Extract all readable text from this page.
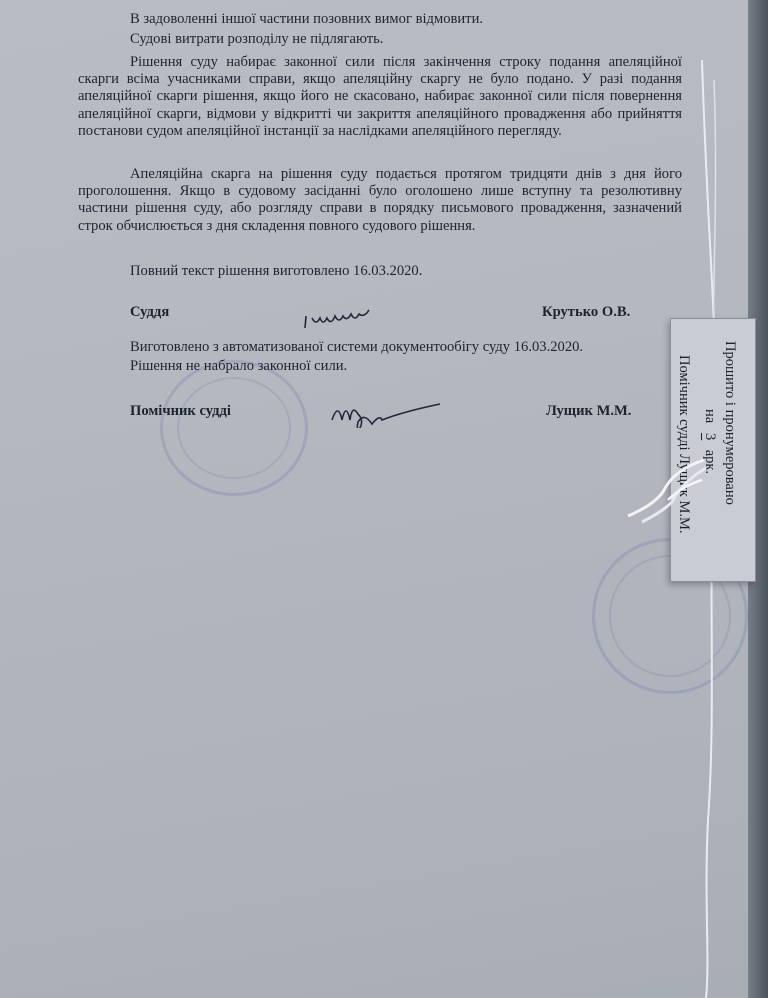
В задоволенні іншої частини позовних вимог відмовити.

Судові витрати розподілу не підлягають.

Рішення суду набирає законної сили після закінчення строку подання апеляційної скарги всіма учасниками справи, якщо апеляційну скаргу не було подано. У разі подання апеляційної скарги рішення, якщо його не скасовано, набирає законної сили після повернення апеляційної скарги, відмови у відкритті чи закриття апеляційного провадження або прийняття постанови судом апеляційної інстанції за наслідками апеляційного перегляду.

Апеляційна скарга на рішення суду подається протягом тридцяти днів з дня його проголошення. Якщо в судовому засіданні було оголошено лише вступну та резолютивну частини рішення суду, або розгляду справи в порядку письмового провадження, зазначений строк обчислюється з дня складення повного судового рішення.

Повний текст рішення виготовлено 16.03.2020.

Суддя	Крутько О.В.

Виготовлено з автоматизованої системи документообігу суду 16.03.2020.

Рішення не набрало законної сили.

Помічник судді	Лущик М.М.	Прошито і пронумеровано
на 3 арк.
Помічник судді Лущик М.М.
